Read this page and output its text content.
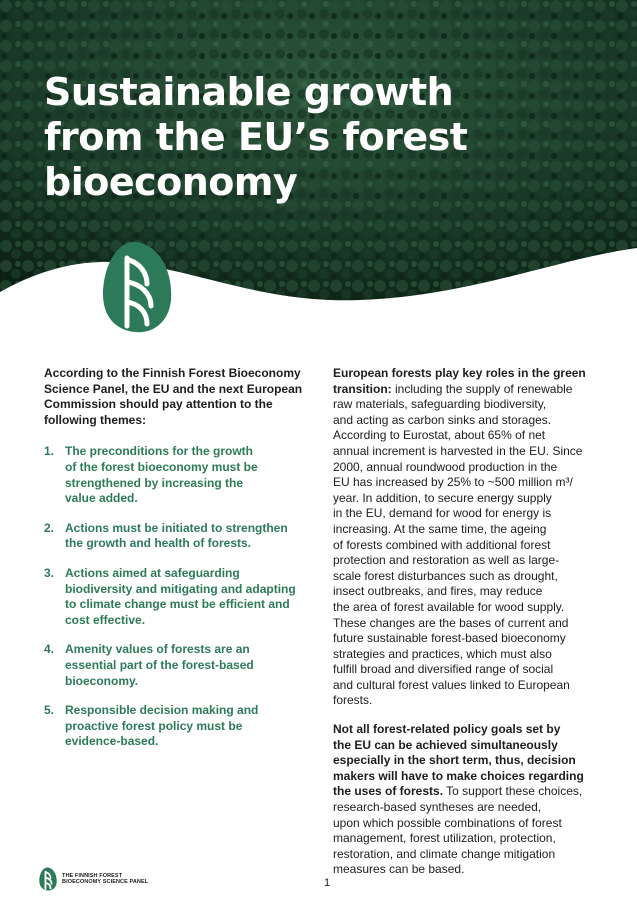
Sustainable growth
from the EU’s forest
bioeconomy

According to the Finnish Forest Bioeconomy
Science Panel, the EU and the next European
Commission should pay attention to the
following themes:

1. The preconditions for the growth
of the forest bioeconomy must be
strengthened by increasing the
value added.
2. Actions must be initiated to strengthen
the growth and health of forests.
3. Actions aimed at safeguarding
biodiversity and mitigating and adapting
to climate change must be efficient and
cost effective.
4. Amenity values of forests are an
essential part of the forest-based
bioeconomy.
5. Responsible decision making and
proactive forest policy must be
evidence-based.

European forests play key roles in the green
transition: including the supply of renewable
raw materials, safeguarding biodiversity,
and acting as carbon sinks and storages.
According to Eurostat, about 65% of net
annual increment is harvested in the EU. Since
2000, annual roundwood production in the
EU has increased by 25% to ~500 million m³/
year. In addition, to secure energy supply
in the EU, demand for wood for energy is
increasing. At the same time, the ageing
of forests combined with additional forest
protection and restoration as well as large-
scale forest disturbances such as drought,
insect outbreaks, and fires, may reduce
the area of forest available for wood supply.
These changes are the bases of current and
future sustainable forest-based bioeconomy
strategies and practices, which must also
fulfill broad and diversified range of social
and cultural forest values linked to European
forests.

Not all forest-related policy goals set by
the EU can be achieved simultaneously
especially in the short term, thus, decision
makers will have to make choices regarding
the uses of forests. To support these choices,
research-based syntheses are needed,
upon which possible combinations of forest
management, forest utilization, protection,
restoration, and climate change mitigation
measures can be based.

THE FINNISH FOREST
BIOECONOMY SCIENCE PANEL	1
